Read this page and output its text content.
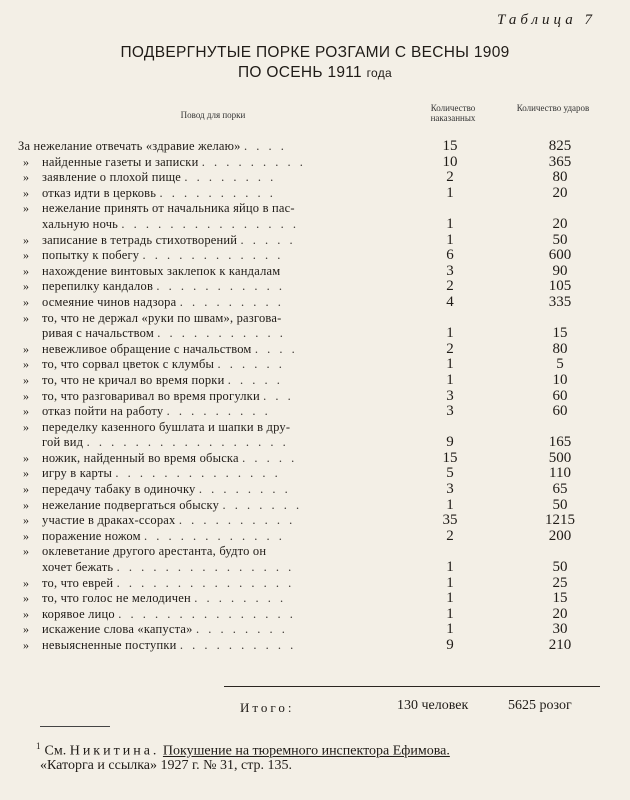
Таблица 7
ПОДВЕРГНУТЫЕ ПОРКЕ РОЗГАМИ С ВЕСНЫ 1909
ПО ОСЕНЬ 1911 года
Повод для порки
Количество наказанных
Количество ударов
За нежелание отвечать «здравие желаю» . . . .	15	825
» найденные газеты и записки . . . . . . . . .	10	365
» заявление о плохой пище . . . . . . . .	2	80
» отказ идти в церковь . . . . . . . . . .	1	20
» нежелание принять от начальника яйцо в пас-
хальную ночь . . . . . . . . . . . . . . .	1	20
» записание в тетрадь стихотворений . . . . .	1	50
» попытку к побегу . . . . . . . . . . . .	6	600
» нахождение винтовых заклепок к кандалам	3	90
» перепилку кандалов . . . . . . . . . . .	2	105
» осмеяние чинов надзора . . . . . . . . .	4	335
» то, что не держал «руки по швам», разгова-
ривая с начальством . . . . . . . . . . .	1	15
» невежливое обращение с начальством . . . .	2	80
» то, что сорвал цветок с клумбы . . . . . .	1	5
» то, что не кричал во время порки . . . . .	1	10
» то, что разговаривал во время прогулки . . .	3	60
» отказ пойти на работу . . . . . . . . .	3	60
» переделку казенного бушлата и шапки в дру-
гой вид . . . . . . . . . . . . . . . . .	9	165
» ножик, найденный во время обыска . . . . .	15	500
» игру в карты . . . . . . . . . . . . . .	5	110
» передачу табаку в одиночку . . . . . . . .	3	65
» нежелание подвергаться обыску . . . . . . .	1	50
» участие в драках-ссорах . . . . . . . . . .	35	1215
» поражение ножом . . . . . . . . . . . .	2	200
» оклеветание другого арестанта, будто он
хочет бежать . . . . . . . . . . . . . . .	1	50
» то, что еврей . . . . . . . . . . . . . . .	1	25
» то, что голос не мелодичен . . . . . . . .	1	15
» корявое лицо . . . . . . . . . . . . . . .	1	20
» искажение слова «капуста» . . . . . . . .	1	30
» невыясненные поступки . . . . . . . . . .	9	210
Итого:	130 человек	5625 розог
$^1$ См. Никитина. Покушение на тюремного инспектора Ефимова.
«Каторга и ссылка» 1927 г. № 31, стр. 135.
